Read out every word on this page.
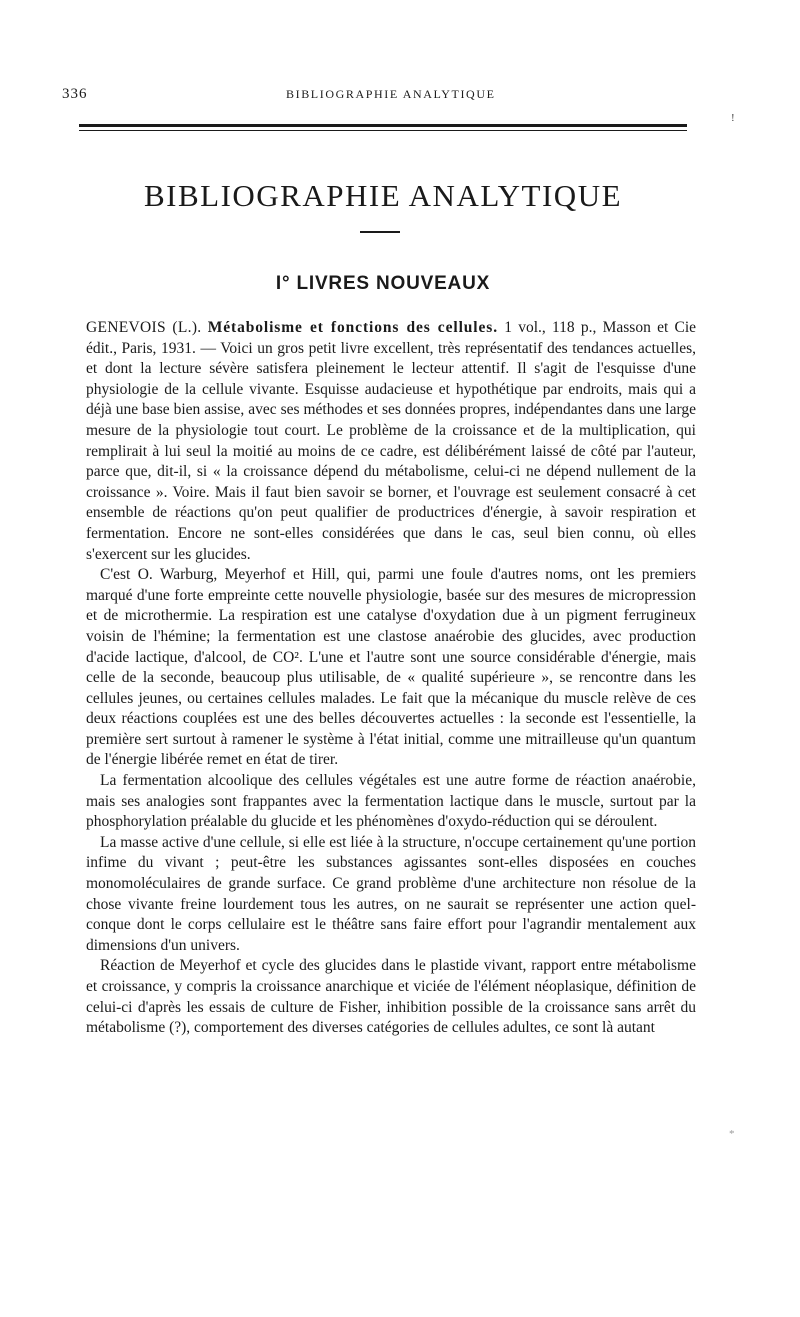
336	BIBLIOGRAPHIE ANALYTIQUE
!
BIBLIOGRAPHIE ANALYTIQUE
I° LIVRES NOUVEAUX

GENEVOIS (L.). Métabolisme et fonctions des cellules. 1 vol., 118 p., Masson et Cie édit., Paris, 1931. — Voici un gros petit livre excellent, très représentatif des tendances actuelles, et dont la lecture sévère satisfera pleinement le lecteur attentif. Il s'agit de l'esquisse d'une physiologie de la cellule vivante. Esquisse audacieuse et hypothétique par endroits, mais qui a déjà une base bien assise, avec ses méthodes et ses données propres, indépendantes dans une large mesure de la physiologie tout court. Le problème de la croissance et de la multiplication, qui remplirait à lui seul la moitié au moins de ce cadre, est délibérément laissé de côté par l'auteur, parce que, dit-il, si « la croissance dépend du métabolisme, celui-ci ne dépend nullement de la croissance ». Voire. Mais il faut bien savoir se borner, et l'ouvrage est seulement consacré à cet ensemble de réactions qu'on peut qualifier de productrices d'énergie, à savoir respiration et fermentation. Encore ne sont-elles considérées que dans le cas, seul bien connu, où elles s'exercent sur les glucides.

C'est O. Warburg, Meyerhof et Hill, qui, parmi une foule d'autres noms, ont les premiers marqué d'une forte empreinte cette nouvelle physiologie, basée sur des mesures de micropression et de microthermie. La respiration est une catalyse d'oxydation due à un pigment ferrugineux voisin de l'hémine; la fermentation est une clastose anaérobie des glucides, avec production d'acide lactique, d'alcool, de CO². L'une et l'autre sont une source considérable d'énergie, mais celle de la seconde, beaucoup plus utilisable, de « qualité supérieure », se rencontre dans les cellules jeunes, ou certaines cellules malades. Le fait que la mécanique du muscle relève de ces deux réactions couplées est une des belles découvertes actuelles : la seconde est l'essentielle, la première sert surtout à ramener le système à l'état initial, comme une mitrailleuse qu'un quantum de l'énergie libérée remet en état de tirer.

La fermentation alcoolique des cellules végétales est une autre forme de réaction anaérobie, mais ses analogies sont frappantes avec la fermentation lactique dans le muscle, surtout par la phosphorylation préalable du glucide et les phénomènes d'oxydo-réduction qui se déroulent.

La masse active d'une cellule, si elle est liée à la structure, n'occupe certainement qu'une portion infime du vivant ; peut-être les substances agissantes sont-elles disposées en couches monomoléculaires de grande surface. Ce grand problème d'une architecture non résolue de la chose vivante freine lourdement tous les autres, on ne saurait se représenter une action quelconque dont le corps cellulaire est le théâtre sans faire effort pour l'agrandir mentalement aux dimensions d'un univers.

Réaction de Meyerhof et cycle des glucides dans le plastide vivant, rapport entre métabolisme et croissance, y compris la croissance anarchique et viciée de l'élément néoplasique, définition de celui-ci d'après les essais de culture de Fisher, inhibition possible de la croissance sans arrêt du métabolisme (?), comportement des diverses catégories de cellules adultes, ce sont là autant

*
